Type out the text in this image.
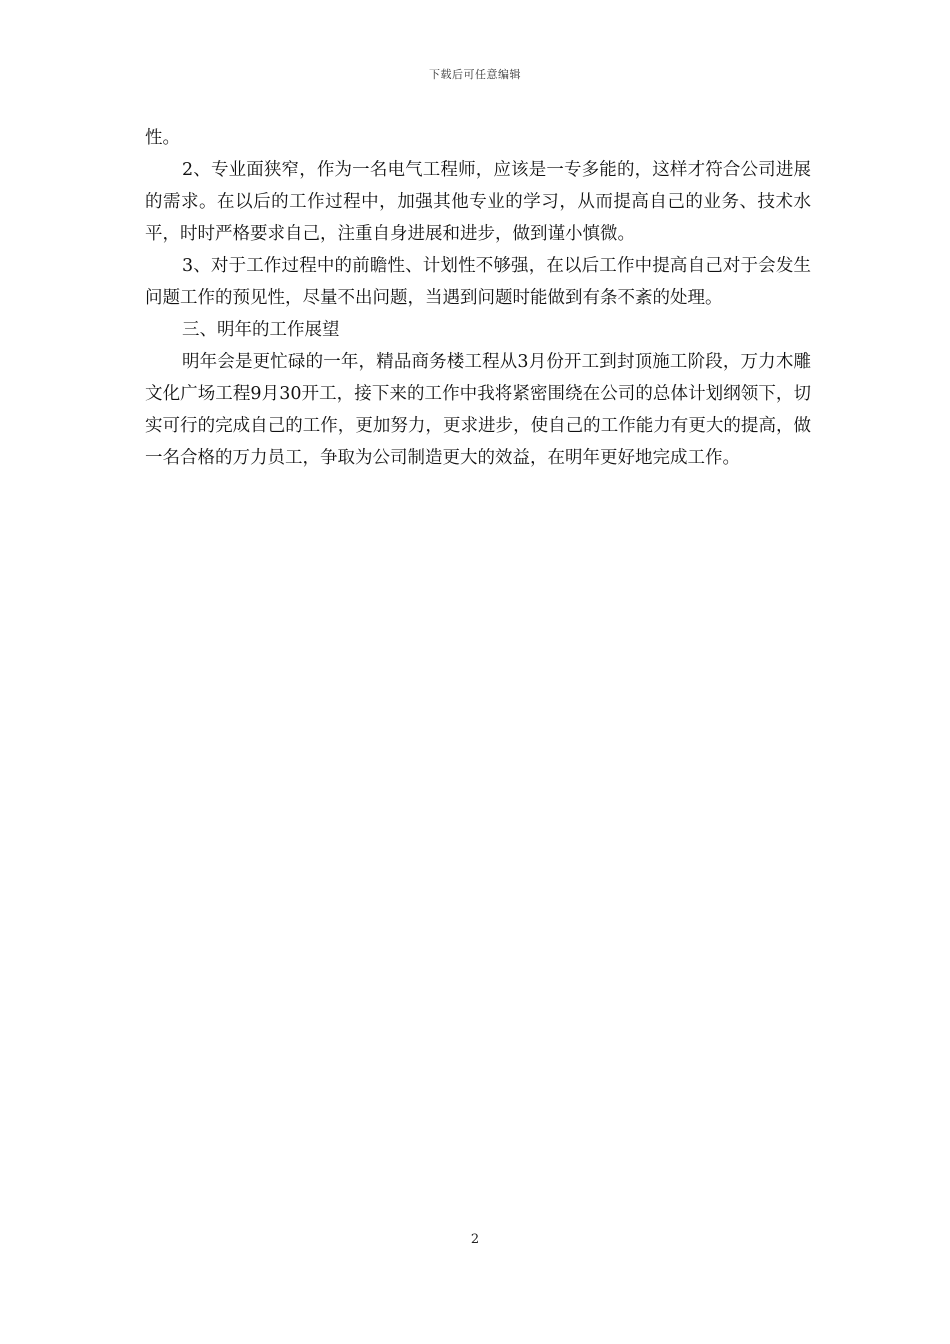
下载后可任意编辑

性。

2、专业面狭窄，作为一名电气工程师，应该是一专多能的，这样才符合公司进展的需求。在以后的工作过程中，加强其他专业的学习，从而提高自己的业务、技术水平，时时严格要求自己，注重自身进展和进步，做到谨小慎微。

3、对于工作过程中的前瞻性、计划性不够强，在以后工作中提高自己对于会发生问题工作的预见性，尽量不出问题，当遇到问题时能做到有条不紊的处理。

三、明年的工作展望

明年会是更忙碌的一年，精品商务楼工程从3月份开工到封顶施工阶段，万力木雕文化广场工程9月30开工，接下来的工作中我将紧密围绕在公司的总体计划纲领下，切实可行的完成自己的工作，更加努力，更求进步，使自己的工作能力有更大的提高，做一名合格的万力员工，争取为公司制造更大的效益，在明年更好地完成工作。

2
